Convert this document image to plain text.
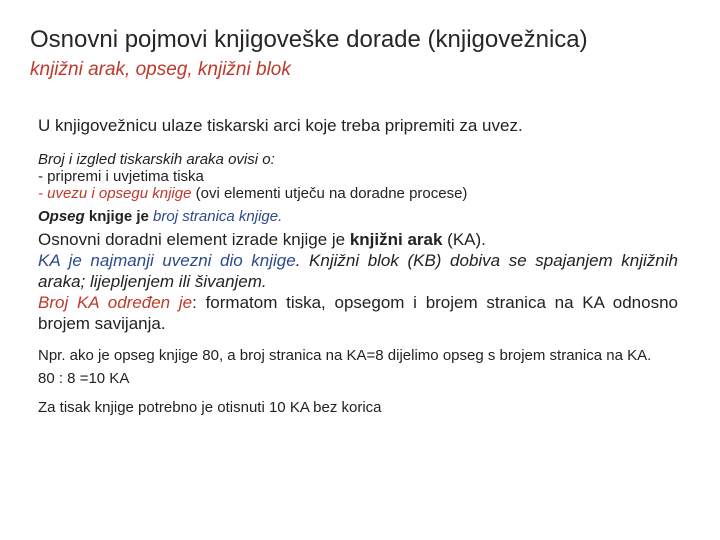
Osnovni pojmovi knjigoveške dorade (knjigovežnica)
knjižni arak, opseg, knjižni blok

U knjigovežnicu ulaze tiskarski arci koje treba pripremiti za uvez.

Broj i izgled tiskarskih araka ovisi o:

- pripremi i uvjetima tiska

- uvezu i opsegu knjige (ovi elementi utječu na doradne procese)

Opseg knjige je broj stranica knjige.

Osnovni doradni element izrade knjige je knjižni arak (KA).

KA je najmanji uvezni dio knjige. Knjižni blok (KB) dobiva se spajanjem knjižnih araka; lijepljenjem ili šivanjem.

Broj KA određen je: formatom tiska, opsegom i brojem stranica na KA odnosno brojem savijanja.

Npr. ako je opseg knjige 80, a broj stranica na KA=8 dijelimo opseg s brojem stranica na KA.

80 : 8 =10 KA

Za tisak knjige potrebno je otisnuti 10 KA bez korica
